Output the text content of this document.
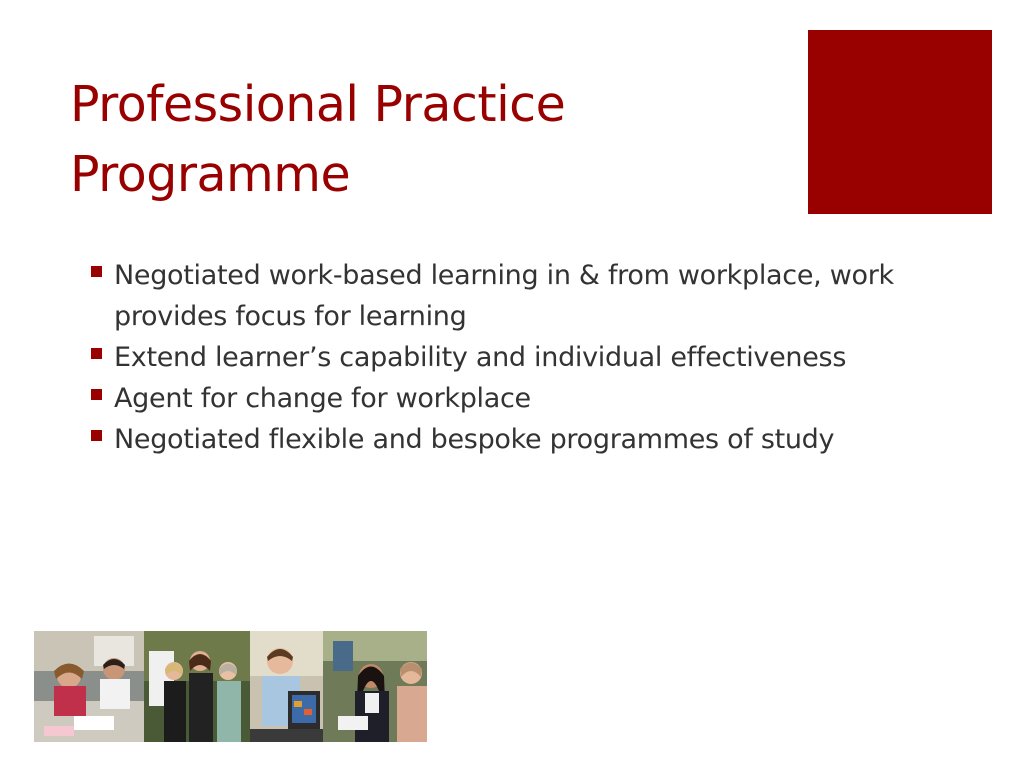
Professional Practice Programme
Negotiated work-based learning in & from workplace, work provides focus for learning
Extend learner’s capability and individual effectiveness
Agent for change for workplace
Negotiated flexible and bespoke programmes of study
